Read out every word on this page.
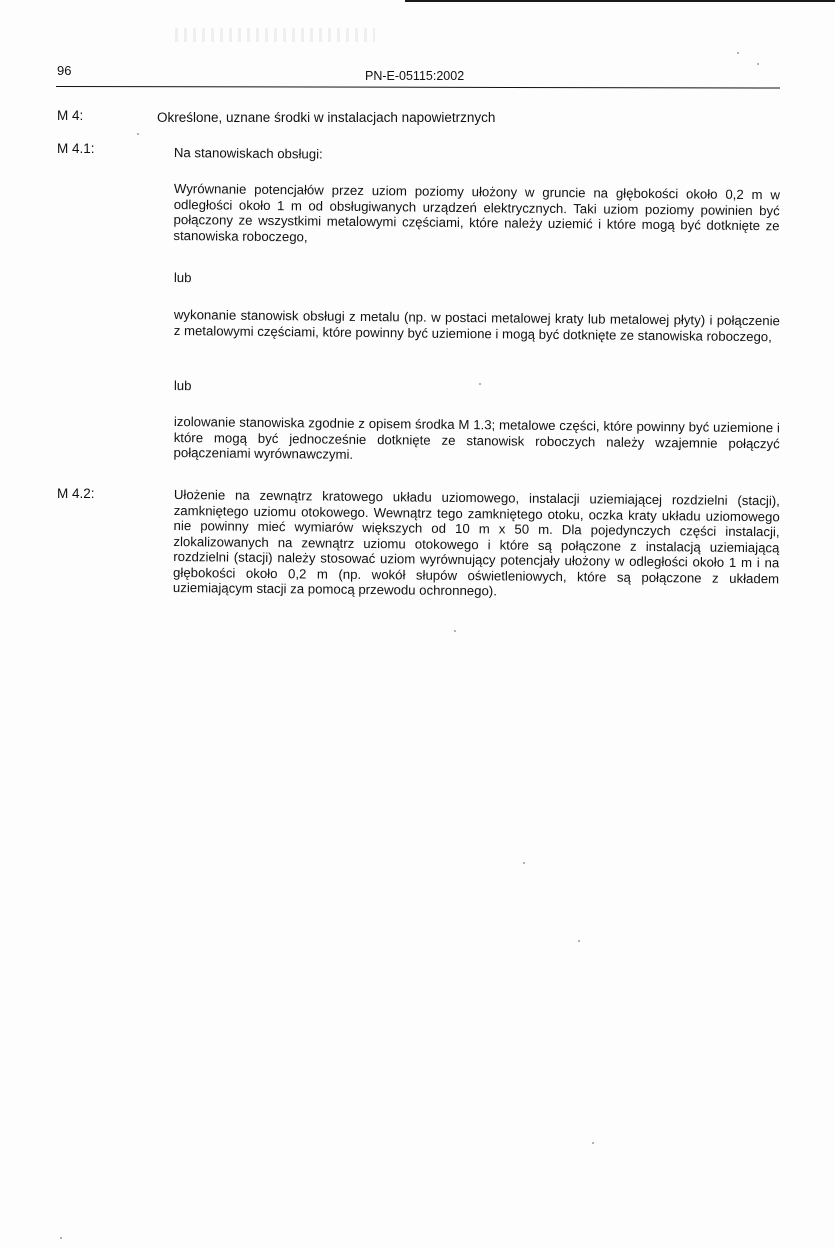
96	PN-E-05115:2002
M 4:	Określone, uznane środki w instalacjach napowietrznych
M 4.1:	Na stanowiskach obsługi:
Wyrównanie potencjałów przez uziom poziomy ułożony w gruncie na głębokości około 0,2 m w odległości około 1 m od obsługiwanych urządzeń elektrycznych. Taki uziom poziomy powinien być połączony ze wszystkimi metalowymi częściami, które należy uziemić i które mogą być dotknięte ze stanowiska roboczego,
lub
wykonanie stanowisk obsługi z metalu (np. w postaci metalowej kraty lub metalowej płyty) i połączenie z metalowymi częściami, które powinny być uziemione i mogą być dotknięte ze stanowiska roboczego,
lub
izolowanie stanowiska zgodnie z opisem środka M 1.3; metalowe części, które powinny być uziemione i które mogą być jednocześnie dotknięte ze stanowisk roboczych należy wzajemnie połączyć połączeniami wyrównawczymi.
M 4.2:	Ułożenie na zewnątrz kratowego układu uziomowego, instalacji uziemiającej rozdzielni (stacji), zamkniętego uziomu otokowego. Wewnątrz tego zamkniętego otoku, oczka kraty układu uziomowego nie powinny mieć wymiarów większych od 10 m x 50 m. Dla pojedynczych części instalacji, zlokalizowanych na zewnątrz uziomu otokowego i które są połączone z instalacją uziemiającą rozdzielni (stacji) należy stosować uziom wyrównujący potencjały ułożony w odległości około 1 m i na głębokości około 0,2 m (np. wokół słupów oświetleniowych, które są połączone z układem uziemiającym stacji za pomocą przewodu ochronnego).
